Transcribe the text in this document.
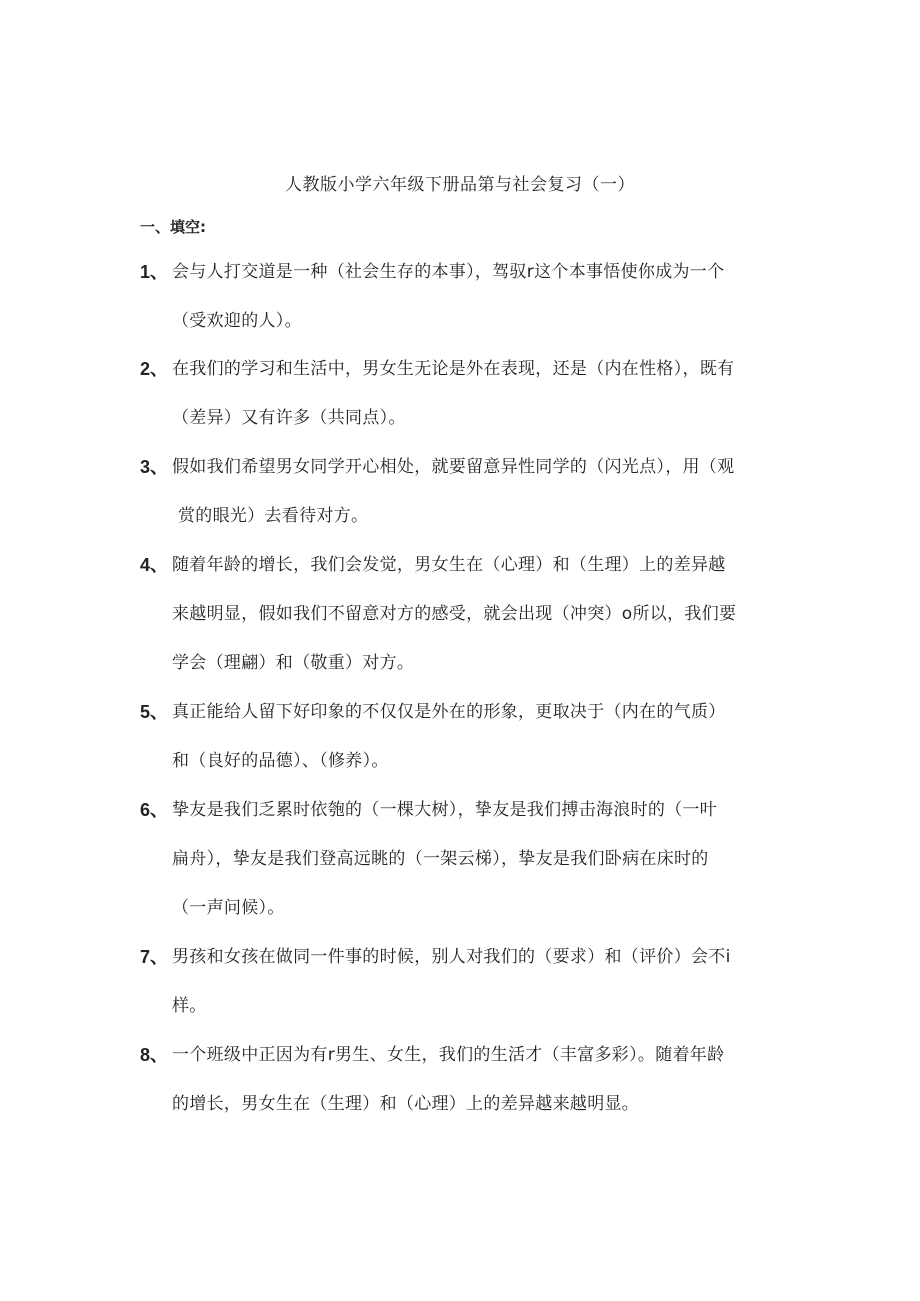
人教版小学六年级下册品第与社会复习（一）
一、填空:
1、 会与人打交道是一种（社会生存的本事），驾驭r这个本事悟使你成为一个
（受欢迎的人）。
2、 在我们的学习和生活中，男女生无论是外在表现，还是（内在性格），既有
（差异）又有许多（共同点）。
3、 假如我们希望男女同学开心相处，就要留意异性同学的（闪光点），用（观
赏的眼光）去看待对方。
4、 随着年龄的增长，我们会发觉，男女生在（心理）和（生理）上的差异越
来越明显，假如我们不留意对方的感受，就会出现（冲突）o所以，我们要
学会（理翩）和（敬重）对方。
5、 真正能给人留下好印象的不仅仅是外在的形象，更取决于（内在的气质）
和（良好的品德）、（修养）。
6、 挚友是我们乏累时依匏的（一棵大树），挚友是我们搏击海浪时的（一叶
扁舟），挚友是我们登高远眺的（一架云梯），挚友是我们卧病在床时的
（一声问候）。
7、 男孩和女孩在做同一件事的时候，别人对我们的（要求）和（评价）会不i
样。
8、 一个班级中正因为有r男生、女生，我们的生活才（丰富多彩）。随着年龄
的增长，男女生在（生理）和（心理）上的差异越来越明显。
